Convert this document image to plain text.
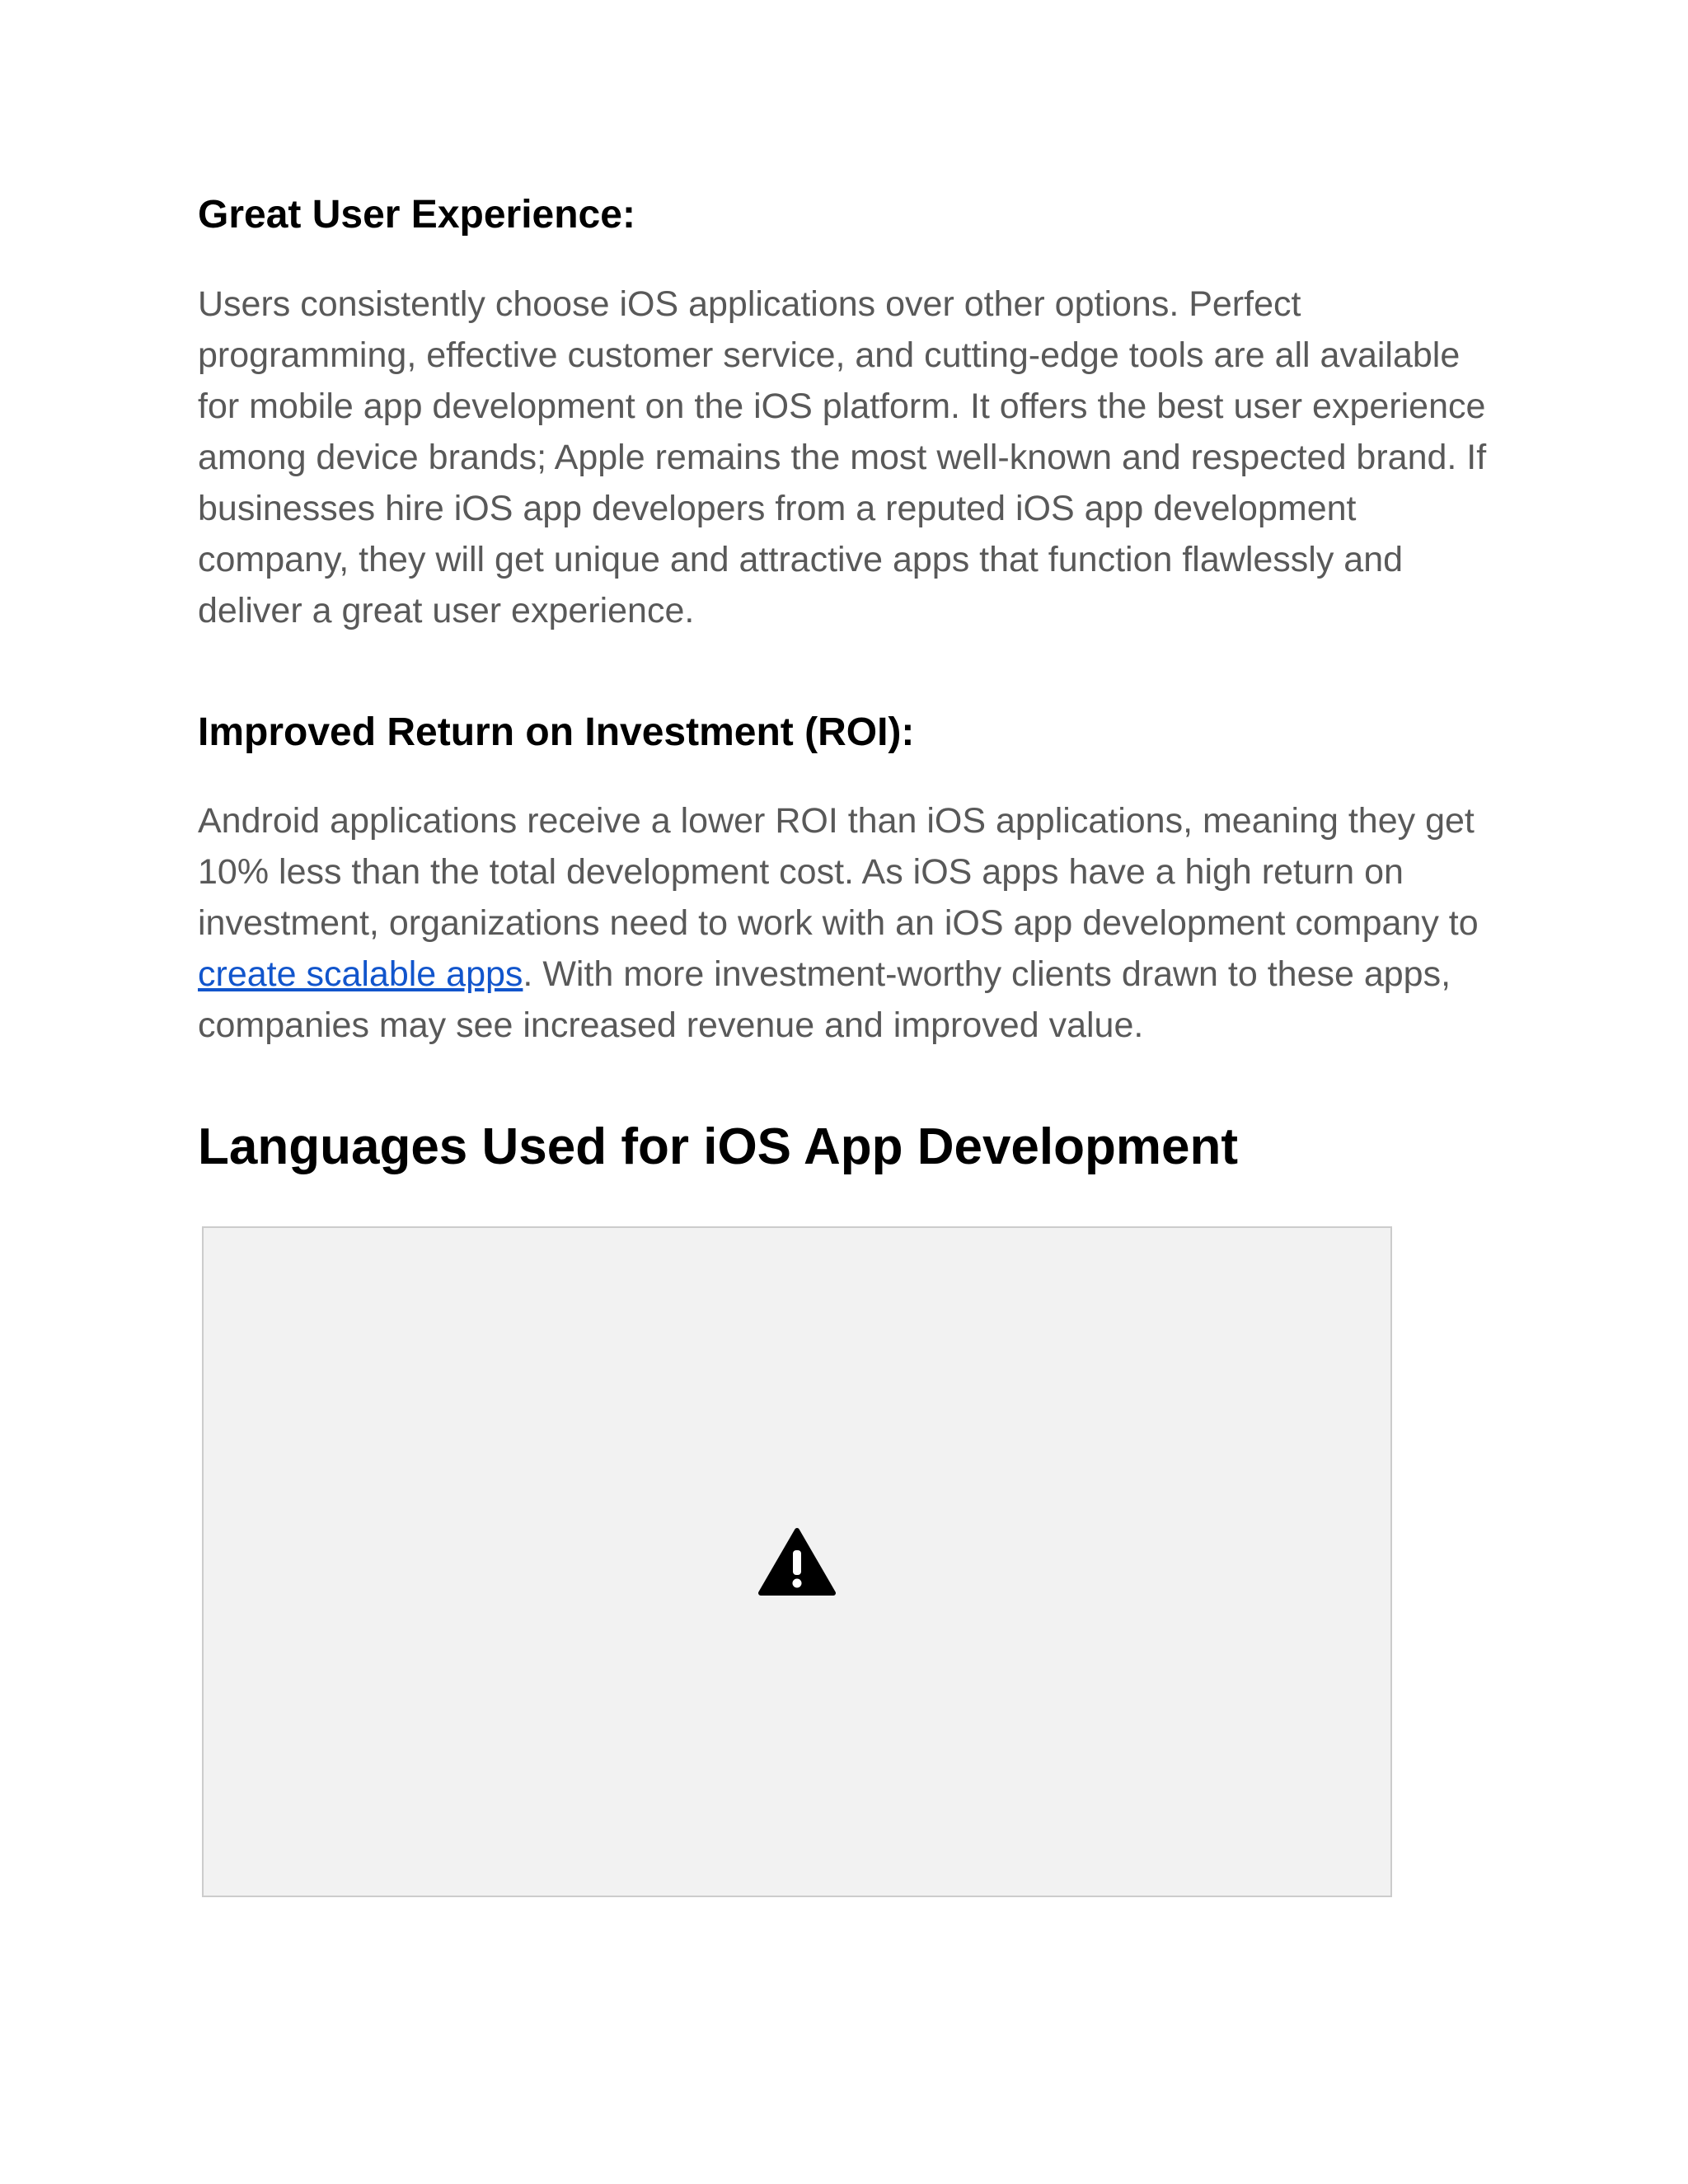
Great User Experience:

Users consistently choose iOS applications over other options. Perfect programming, effective customer service, and cutting-edge tools are all available for mobile app development on the iOS platform. It offers the best user experience among device brands; Apple remains the most well-known and respected brand. If businesses hire iOS app developers from a reputed iOS app development company, they will get unique and attractive apps that function flawlessly and deliver a great user experience.

Improved Return on Investment (ROI):

Android applications receive a lower ROI than iOS applications, meaning they get 10% less than the total development cost. As iOS apps have a high return on investment, organizations need to work with an iOS app development company to create scalable apps. With more investment-worthy clients drawn to these apps, companies may see increased revenue and improved value.

Languages Used for iOS App Development
